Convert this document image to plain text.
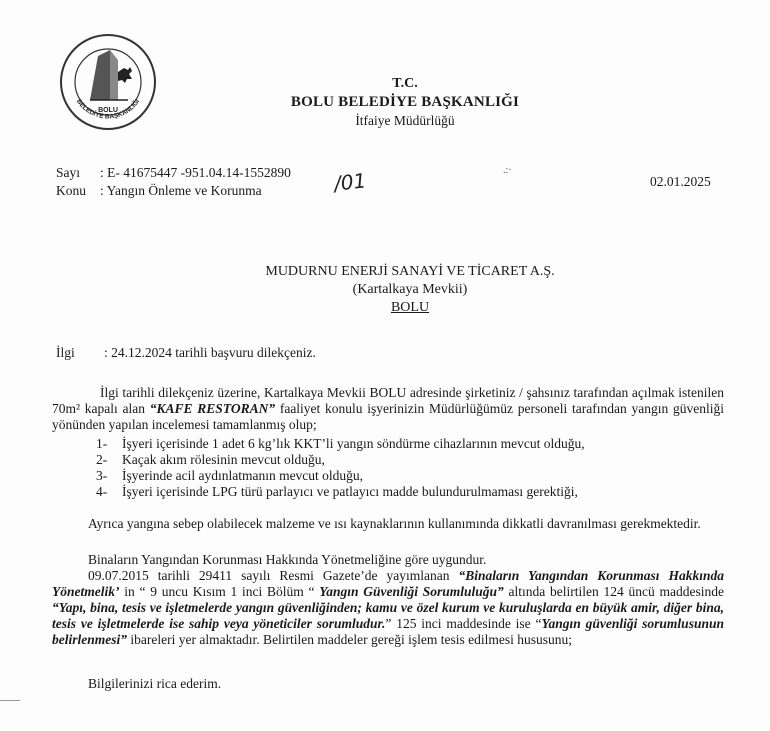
BOLU
BELEDİYE BAŞKANLIĞI
T.C.
BOLU BELEDİYE BAŞKANLIĞI
İtfaiye Müdürlüğü
Sayı : E- 41675447 -951.04.14-1552890 /01	.:·
02.01.2025
Konu : Yangın Önleme ve Korunma
MUDURNU ENERJİ SANAYİ VE TİCARET A.Ş.
(Kartalkaya Mevkii)
BOLU
İlgi : 24.12.2024 tarihli başvuru dilekçeniz.
İlgi tarihli dilekçeniz üzerine, Kartalkaya Mevkii BOLU adresinde şirketiniz / şahsınız tarafından açılmak istenilen 70m² kapalı alan “KAFE RESTORAN” faaliyet konulu işyerinizin Müdürlüğümüz personeli tarafından yangın güvenliği yönünden yapılan incelemesi tamamlanmış olup;
1- İşyeri içerisinde 1 adet 6 kg’lık KKT’li yangın söndürme cihazlarının mevcut olduğu,
2- Kaçak akım rölesinin mevcut olduğu,
3- İşyerinde acil aydınlatmanın mevcut olduğu,
4- İşyeri içerisinde LPG türü parlayıcı ve patlayıcı madde bulundurulmaması gerektiği,
Ayrıca yangına sebep olabilecek malzeme ve ısı kaynaklarının kullanımında dikkatli davranılması gerekmektedir.
Binaların Yangından Korunması Hakkında Yönetmeliğine göre uygundur.
09.07.2015 tarihli 29411 sayılı Resmi Gazete’de yayımlanan “Binaların Yangından Korunması Hakkında Yönetmelik’ in “ 9 uncu Kısım 1 inci Bölüm “ Yangın Güvenliği Sorumluluğu” altında belirtilen 124 üncü maddesinde “Yapı, bina, tesis ve işletmelerde yangın güvenliğinden; kamu ve özel kurum ve kuruluşlarda en büyük amir, diğer bina, tesis ve işletmelerde ise sahip veya yöneticiler sorumludur.” 125 inci maddesinde ise “Yangın güvenliği sorumlusunun belirlenmesi” ibareleri yer almaktadır. Belirtilen maddeler gereği işlem tesis edilmesi hususunu;
Bilgilerinizi rica ederim.
